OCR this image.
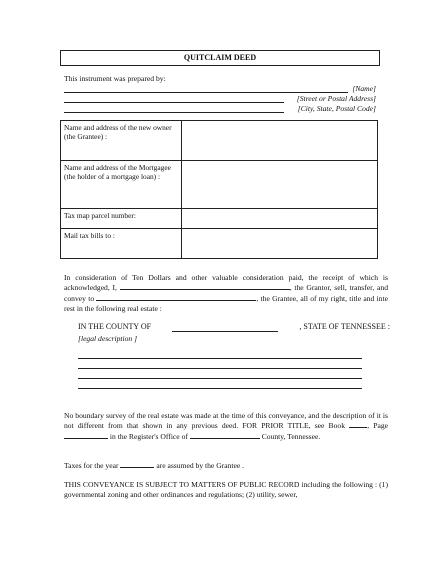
QUITCLAIM DEED
This instrument was prepared by:
[Name]
[Street or Postal Address]
[City, State, Postal Code]
Name and address of the new owner (the Grantee) :	
Name and address of the Mortgagee (the holder of a mortgage loan) :	
Tax map parcel number:	
Mail tax bills to :	
In consideration of Ten Dollars and other valuable consideration paid, the receipt of which is acknowledged, I,	, the Grantor, sell, transfer, and convey to	, the Grantee, all of my right, title and inte rest in the following real estate :
IN THE COUNTY OF	, STATE OF TENNESSEE :
[legal description ]
No boundary survey of the real estate was made at the time of this conveyance, and the description of it is not different from that shown in any previous deed. FOR PRIOR TITLE, see Book	, Page  in the Register's Office of	County, Tennessee.
Taxes for the year	are assumed by the Grantee .
THIS CONVEYANCE IS SUBJECT TO MATTERS OF PUBLIC RECORD including the following : (1) governmental zoning and other ordinances and regulations; (2) utility, sewer,
